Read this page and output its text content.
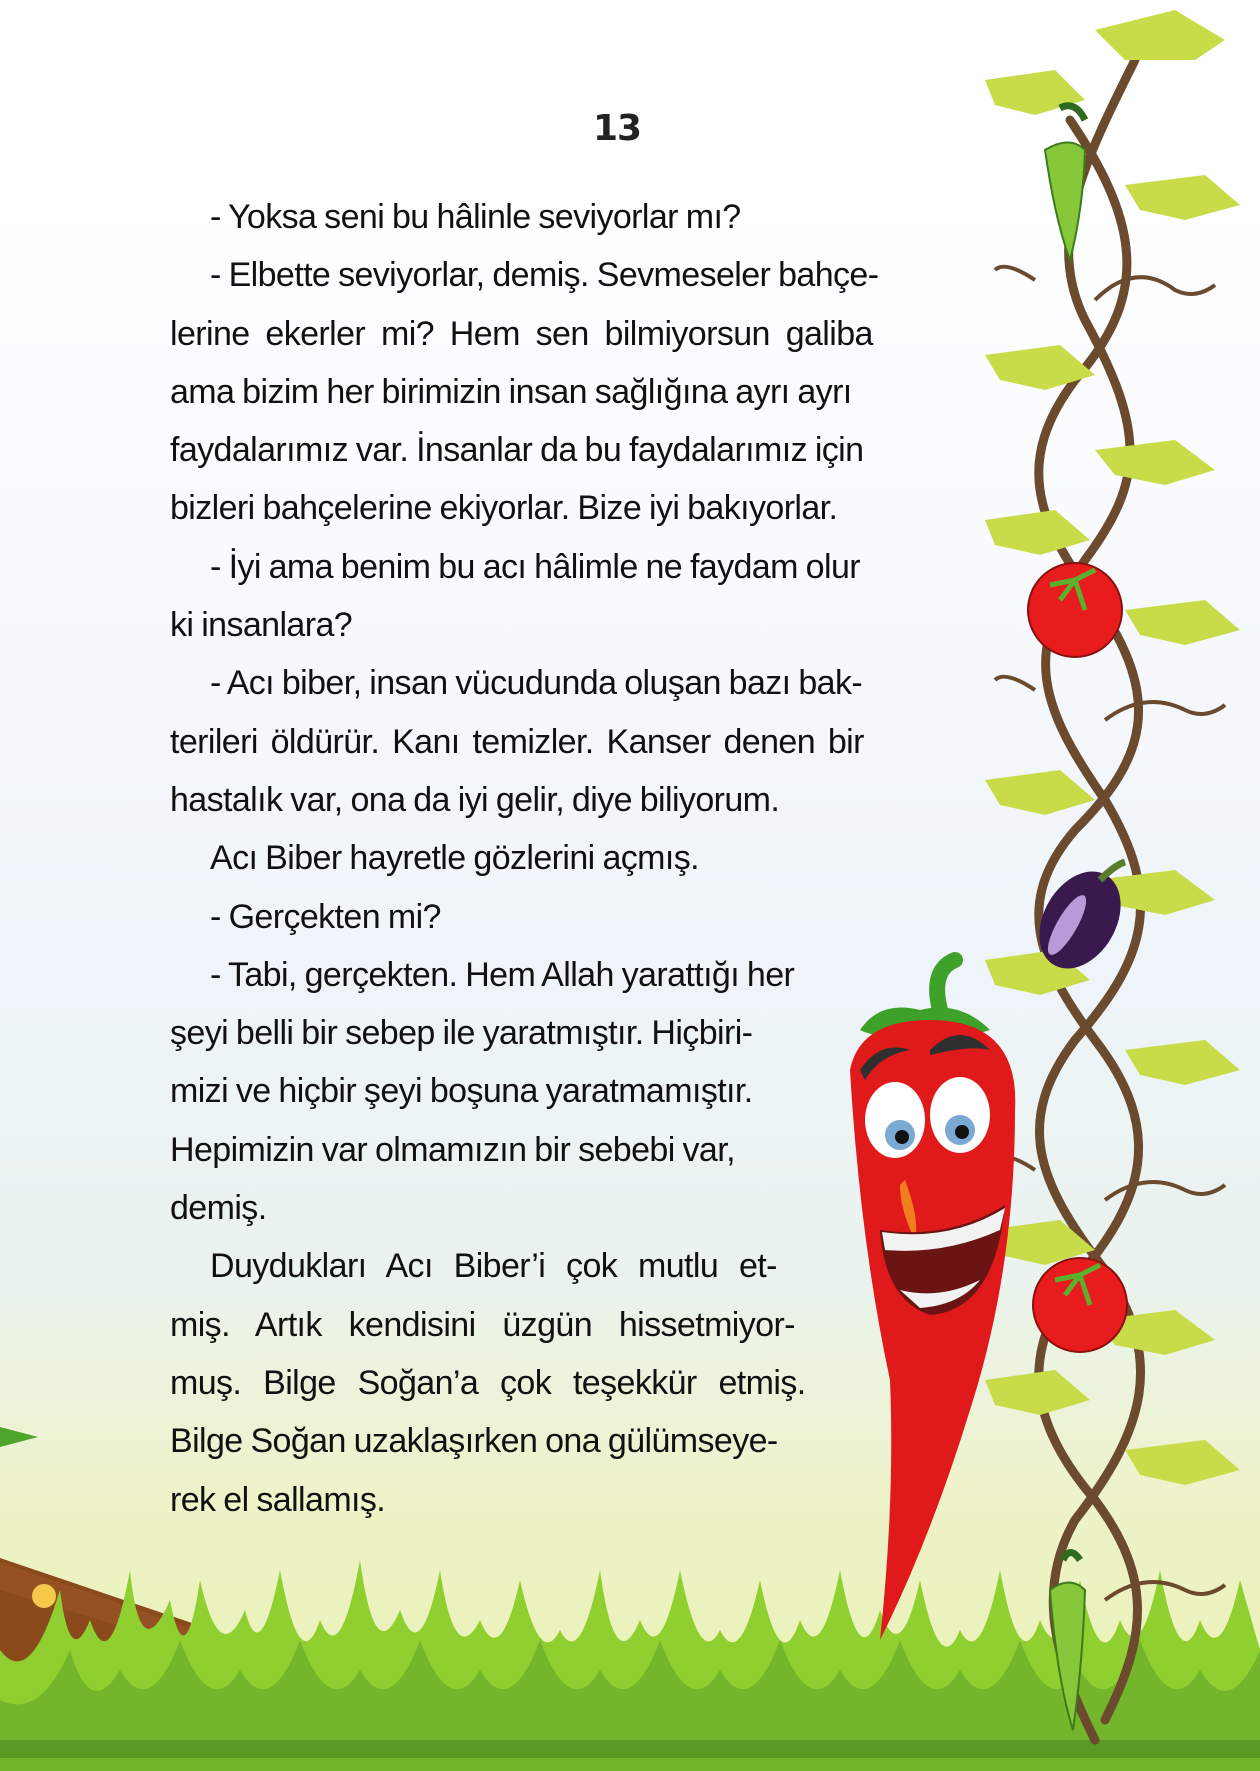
13
- Yoksa seni bu hâlinle seviyorlar mı?
- Elbette seviyorlar, demiş. Sevmeseler bahçe-
lerine ekerler mi? Hem sen bilmiyorsun galiba
ama bizim her birimizin insan sağlığına ayrı ayrı
faydalarımız var. İnsanlar da bu faydalarımız için
bizleri bahçelerine ekiyorlar. Bize iyi bakıyorlar.
- İyi ama benim bu acı hâlimle ne faydam olur
ki insanlara?
- Acı biber, insan vücudunda oluşan bazı bak-
terileri öldürür. Kanı temizler. Kanser denen bir
hastalık var, ona da iyi gelir, diye biliyorum.
Acı Biber hayretle gözlerini açmış.
- Gerçekten mi?
- Tabi, gerçekten. Hem Allah yarattığı her
şeyi belli bir sebep ile yaratmıştır. Hiçbiri-
mizi ve hiçbir şeyi boşuna yaratmamıştır.
Hepimizin var olmamızın bir sebebi var,
demiş.
Duydukları Acı Biber’i çok mutlu et-
miş. Artık kendisini üzgün hissetmiyor-
muş. Bilge Soğan’a çok teşekkür etmiş.
Bilge Soğan uzaklaşırken ona gülümseye-
rek el sallamış.
